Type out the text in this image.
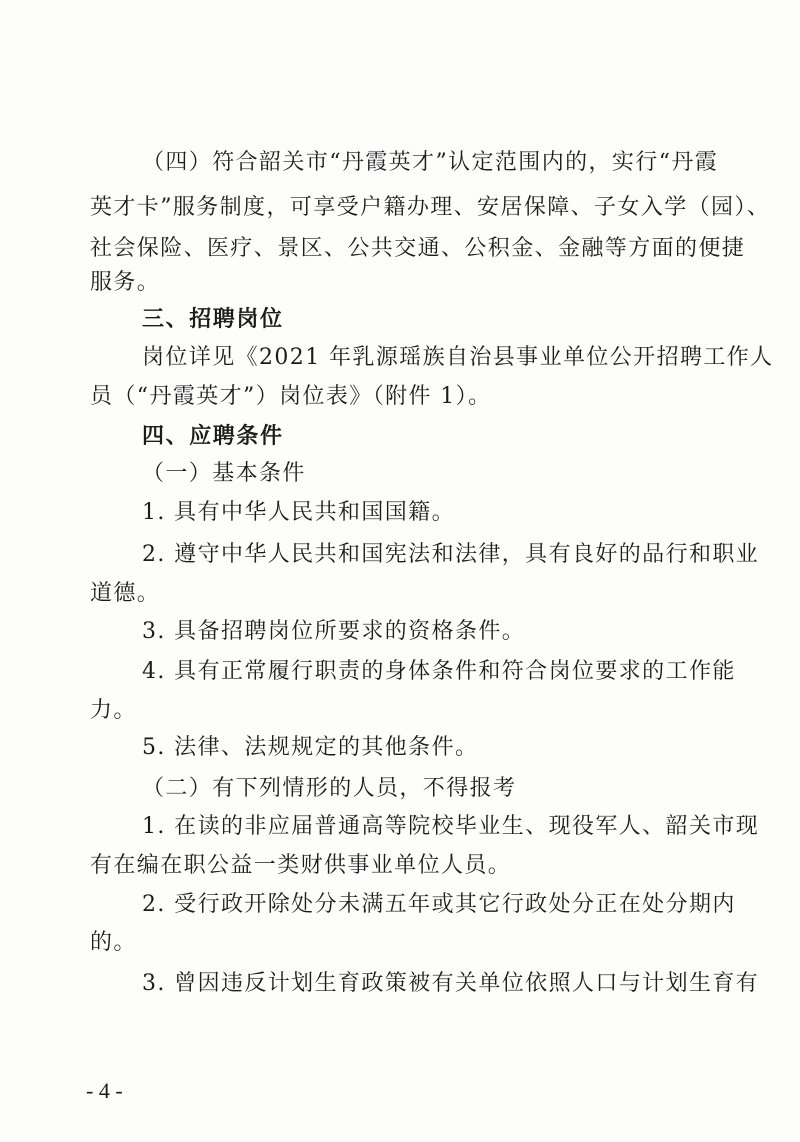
（四）符合韶关市“丹霞英才”认定范围内的，实行“丹霞
英才卡”服务制度，可享受户籍办理、安居保障、子女入学（园）、
社会保险、医疗、景区、公共交通、公积金、金融等方面的便捷
服务。
三、招聘岗位
岗位详见《2021 年乳源瑶族自治县事业单位公开招聘工作人
员（“丹霞英才”）岗位表》（附件 1）。
四、应聘条件
（一）基本条件
1. 具有中华人民共和国国籍。
2. 遵守中华人民共和国宪法和法律，具有良好的品行和职业
道德。
3. 具备招聘岗位所要求的资格条件。
4. 具有正常履行职责的身体条件和符合岗位要求的工作能
力。
5. 法律、法规规定的其他条件。
（二）有下列情形的人员，不得报考
1. 在读的非应届普通高等院校毕业生、现役军人、韶关市现
有在编在职公益一类财供事业单位人员。
2. 受行政开除处分未满五年或其它行政处分正在处分期内
的。
3. 曾因违反计划生育政策被有关单位依照人口与计划生育有
- 4 -
